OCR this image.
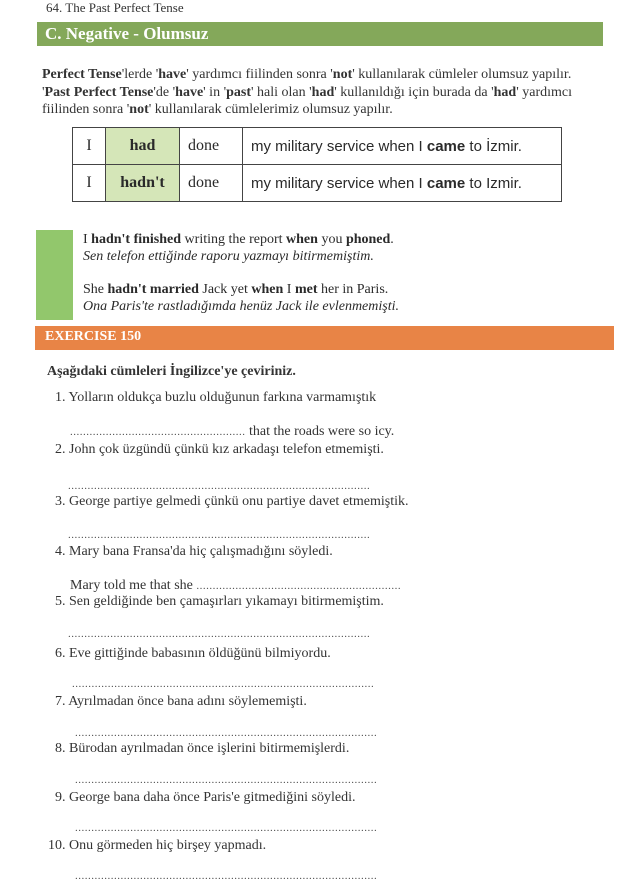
64. The Past Perfect Tense
C. Negative - Olumsuz
Perfect Tense'lerde 'have' yardımcı fiilinden sonra 'not' kullanılarak cümleler olumsuz yapılır. 'Past Perfect Tense'de 'have' in 'past' hali olan 'had' kullanıldığı için burada da 'had' yardımcı fiilinden sonra 'not' kullanılarak cümlelerimiz olumsuz yapılır.
I	had	done	my military service when I came to İzmir.
I	hadn't	done	my military service when I came to Izmir.
I hadn't finished writing the report when you phoned.
Sen telefon ettiğinde raporu yazmayı bitirmemiştim.
She hadn't married Jack yet when I met her in Paris.
Ona Paris'te rastladığımda henüz Jack ile evlenmemişti.
EXERCISE 150
Aşağıdaki cümleleri İngilizce'ye çeviriniz.
1. Yolların oldukça buzlu olduğunun farkına varmamıştık
...................................................... that the roads were so icy.
2. John çok üzgündü çünkü kız arkadaşı telefon etmemişti.
.............................................................................................
3. George partiye gelmedi çünkü onu partiye davet etmemiştik.
.............................................................................................
4. Mary bana Fransa'da hiç çalışmadığını söyledi.
Mary told me that she ...............................................................
5. Sen geldiğinde ben çamaşırları yıkamayı bitirmemiştim.
.............................................................................................
6. Eve gittiğinde babasının öldüğünü bilmiyordu.
.............................................................................................
7. Ayrılmadan önce bana adını söylememişti.
.............................................................................................
8. Bürodan ayrılmadan önce işlerini bitirmemişlerdi.
.............................................................................................
9. George bana daha önce Paris'e gitmediğini söyledi.
.............................................................................................
10. Onu görmeden hiç birşey yapmadı.
.............................................................................................
